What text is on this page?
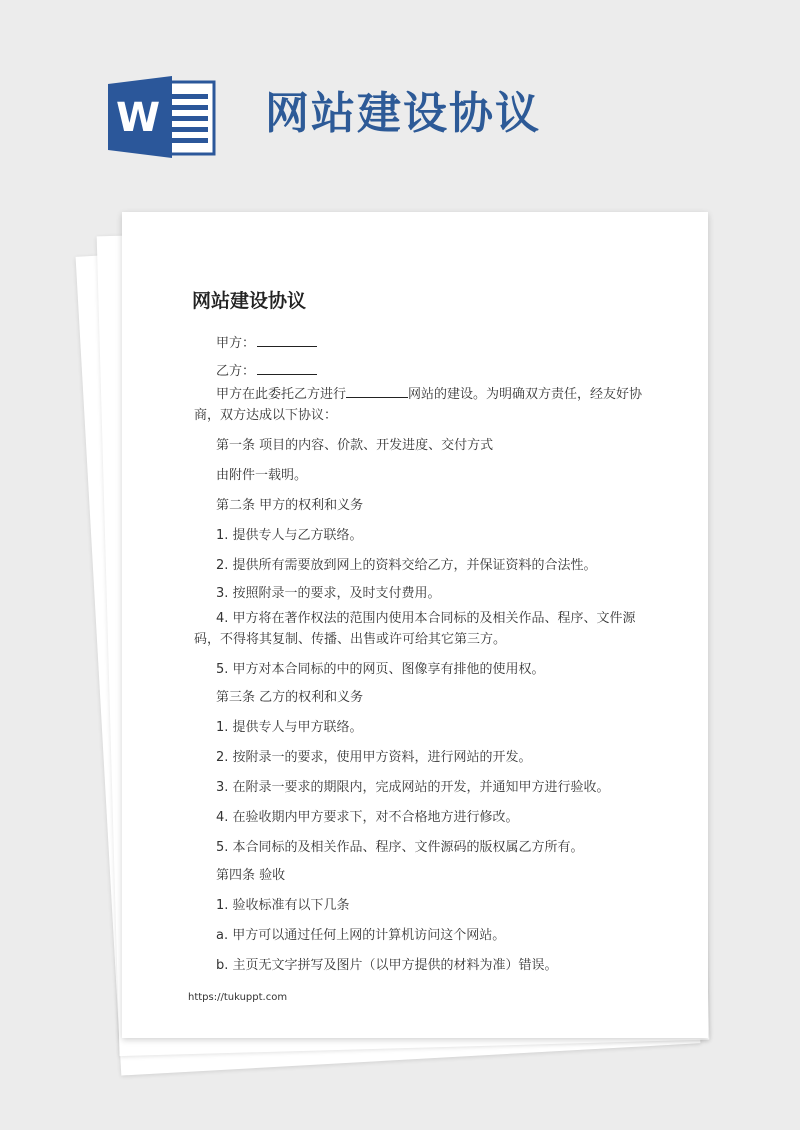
W 网站建设协议
网站建设协议
甲方：
乙方：
甲方在此委托乙方进行	网站的建设。为明确双方责任，经友好协商，双方达成以下协议：
第一条 项目的内容、价款、开发进度、交付方式
由附件一载明。
第二条 甲方的权利和义务
1. 提供专人与乙方联络。
2. 提供所有需要放到网上的资料交给乙方，并保证资料的合法性。
3. 按照附录一的要求，及时支付费用。
4. 甲方将在著作权法的范围内使用本合同标的及相关作品、程序、文件源码，不得将其复制、传播、出售或许可给其它第三方。
5. 甲方对本合同标的中的网页、图像享有排他的使用权。
第三条 乙方的权利和义务
1. 提供专人与甲方联络。
2. 按附录一的要求，使用甲方资料，进行网站的开发。
3. 在附录一要求的期限内，完成网站的开发，并通知甲方进行验收。
4. 在验收期内甲方要求下，对不合格地方进行修改。
5. 本合同标的及相关作品、程序、文件源码的版权属乙方所有。
第四条 验收
1. 验收标准有以下几条
a. 甲方可以通过任何上网的计算机访问这个网站。
b. 主页无文字拼写及图片（以甲方提供的材料为准）错误。
https://tukuppt.com
